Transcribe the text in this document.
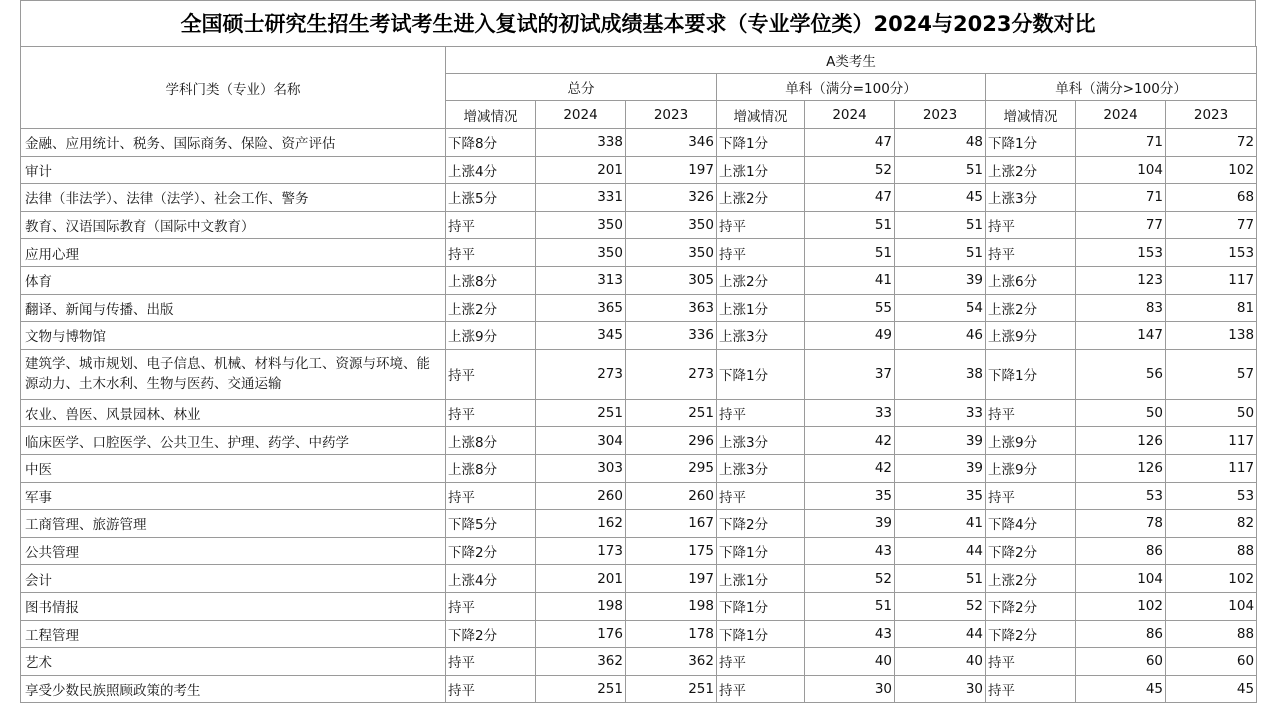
全国硕士研究生招生考试考生进入复试的初试成绩基本要求（专业学位类）2024与2023分数对比
学科门类（专业）名称	A类考生								
	总分			单科（满分=100分）			单科（满分>100分）		
	增减情况	2024	2023	增减情况	2024	2023	增减情况	2024	2023
金融、应用统计、税务、国际商务、保险、资产评估	下降8分	338	346	下降1分	47	48	下降1分	71	72
审计	上涨4分	201	197	上涨1分	52	51	上涨2分	104	102
法律（非法学）、法律（法学）、社会工作、警务	上涨5分	331	326	上涨2分	47	45	上涨3分	71	68
教育、汉语国际教育（国际中文教育）	持平	350	350	持平	51	51	持平	77	77
应用心理	持平	350	350	持平	51	51	持平	153	153
体育	上涨8分	313	305	上涨2分	41	39	上涨6分	123	117
翻译、新闻与传播、出版	上涨2分	365	363	上涨1分	55	54	上涨2分	83	81
文物与博物馆	上涨9分	345	336	上涨3分	49	46	上涨9分	147	138
建筑学、城市规划、电子信息、机械、材料与化工、资源与环境、能源动力、土木水利、生物与医药、交通运输	持平	273	273	下降1分	37	38	下降1分	56	57
农业、兽医、风景园林、林业	持平	251	251	持平	33	33	持平	50	50
临床医学、口腔医学、公共卫生、护理、药学、中药学	上涨8分	304	296	上涨3分	42	39	上涨9分	126	117
中医	上涨8分	303	295	上涨3分	42	39	上涨9分	126	117
军事	持平	260	260	持平	35	35	持平	53	53
工商管理、旅游管理	下降5分	162	167	下降2分	39	41	下降4分	78	82
公共管理	下降2分	173	175	下降1分	43	44	下降2分	86	88
会计	上涨4分	201	197	上涨1分	52	51	上涨2分	104	102
图书情报	持平	198	198	下降1分	51	52	下降2分	102	104
工程管理	下降2分	176	178	下降1分	43	44	下降2分	86	88
艺术	持平	362	362	持平	40	40	持平	60	60
享受少数民族照顾政策的考生	持平	251	251	持平	30	30	持平	45	45
